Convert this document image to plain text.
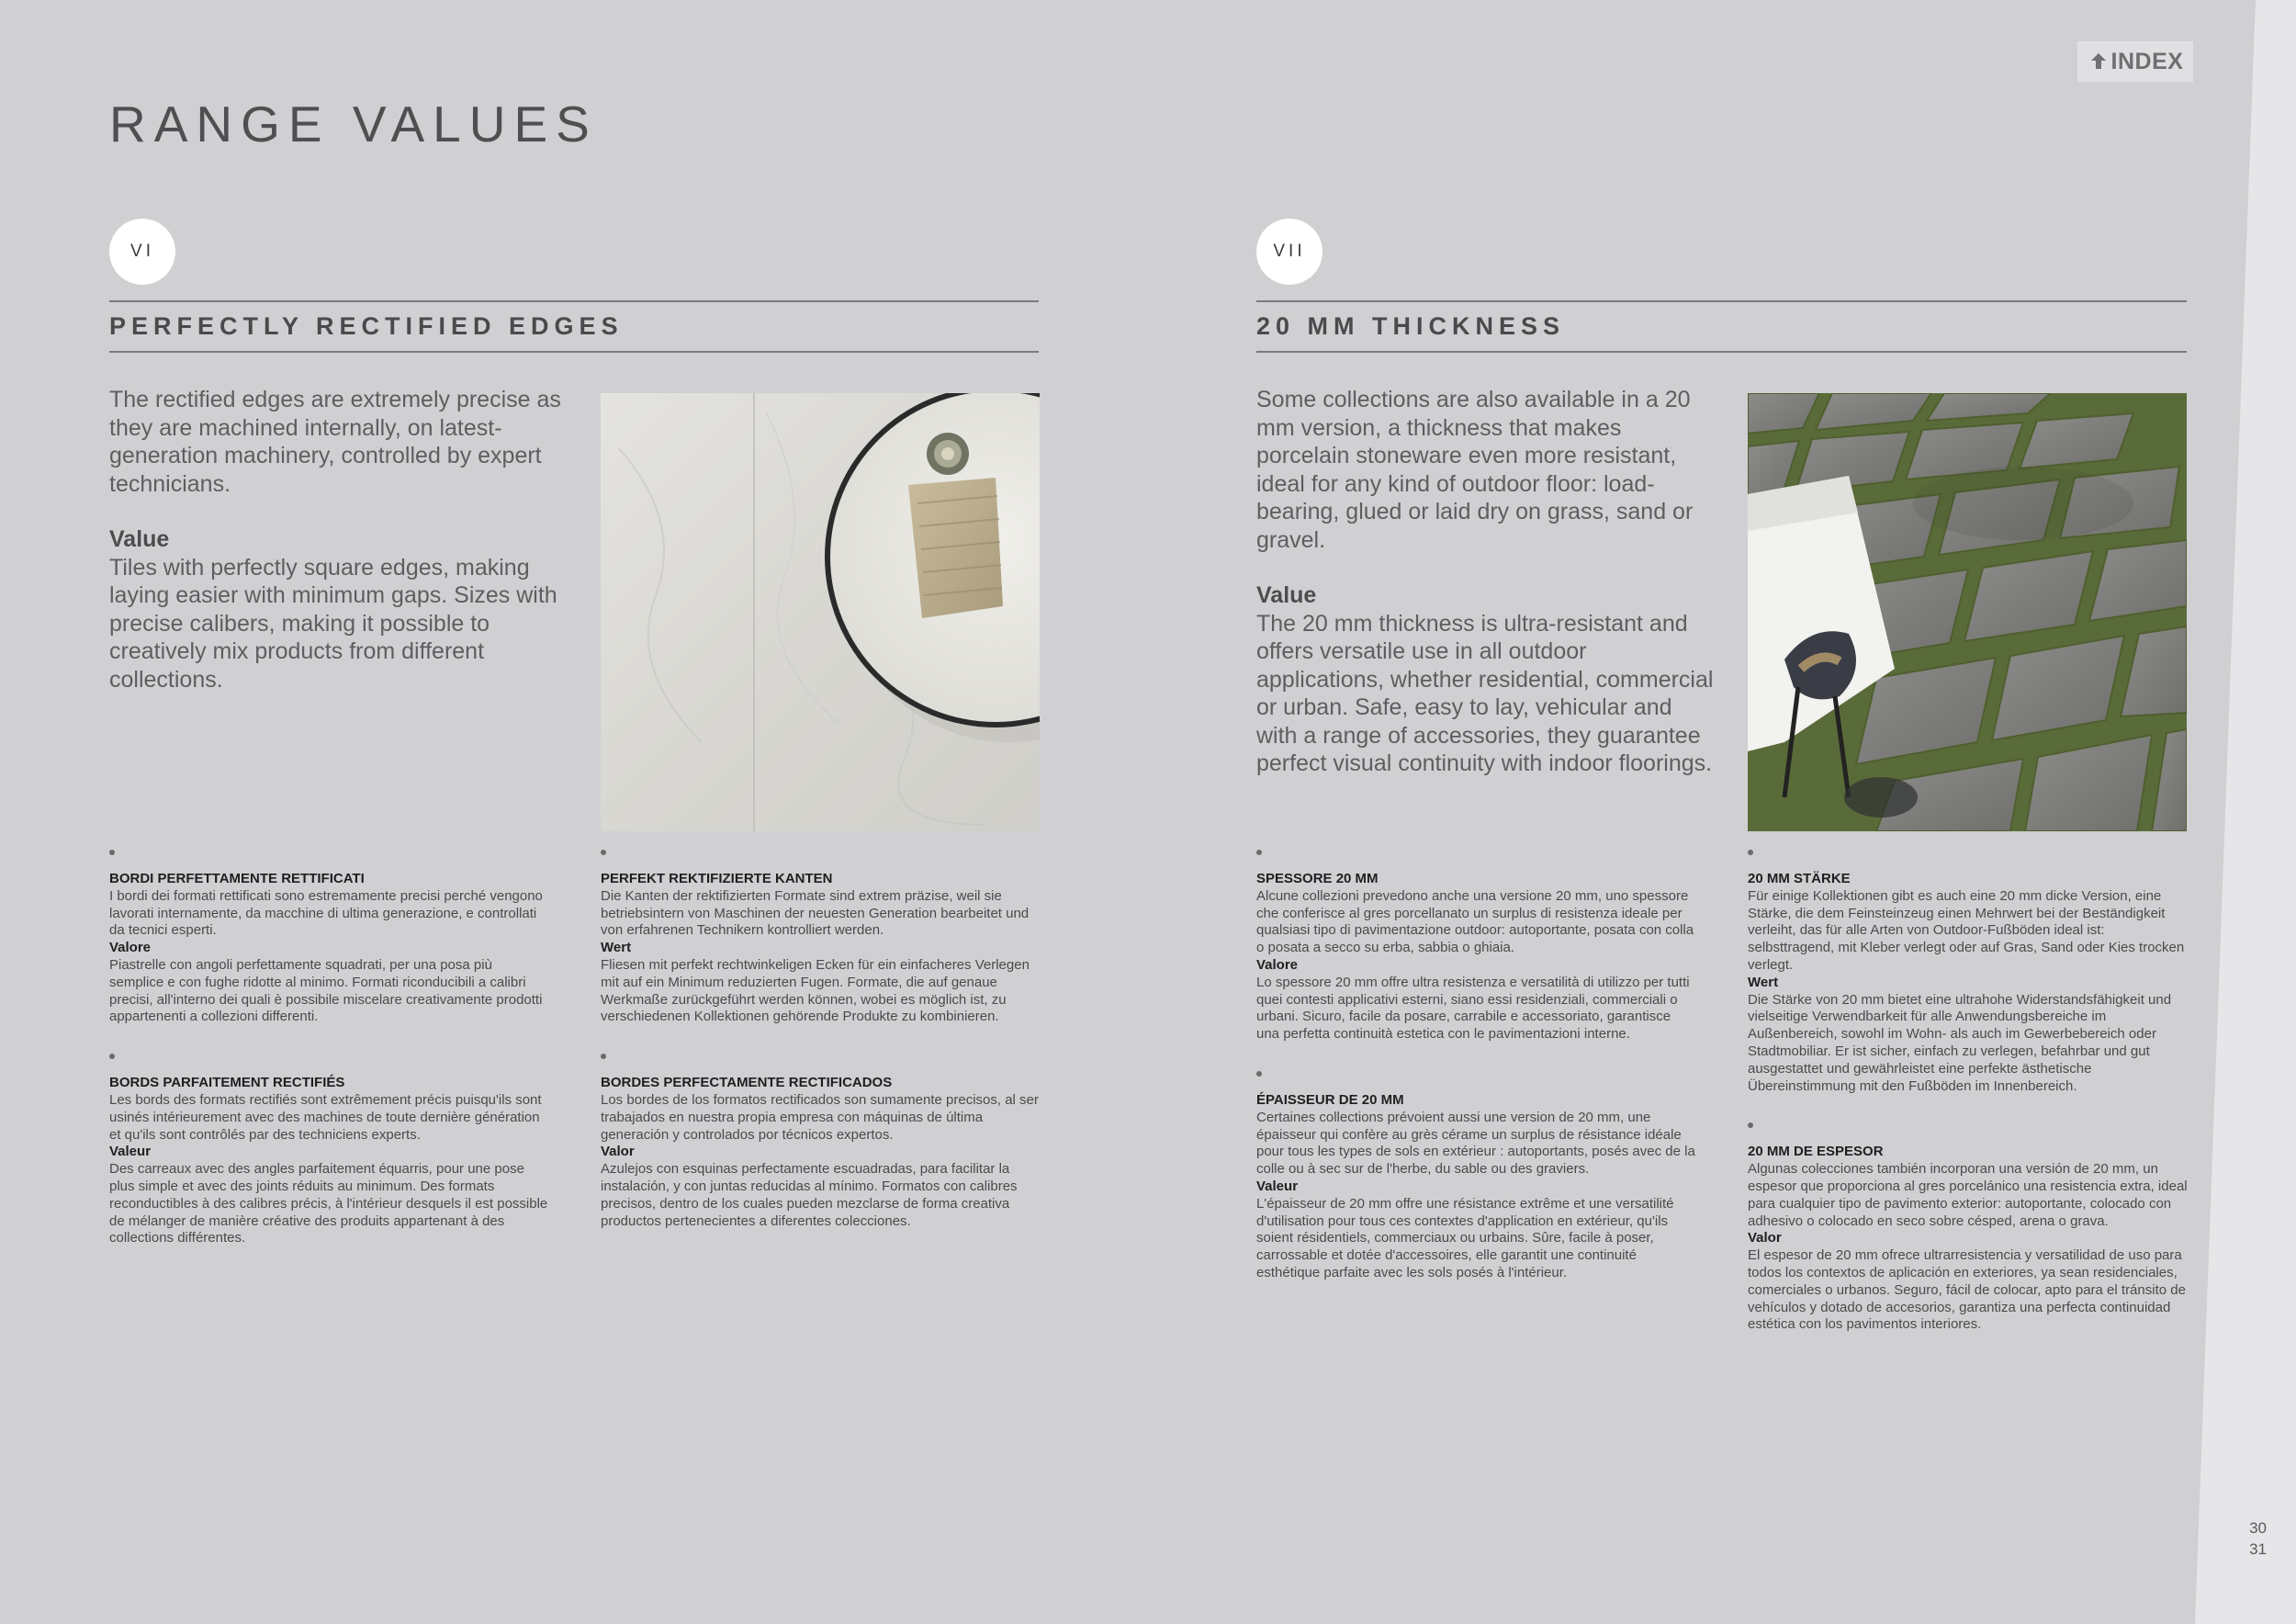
INDEX
RANGE VALUES
VI
PERFECTLY RECTIFIED EDGES

The rectified edges are extremely precise as they are machined internally, on latest-generation machinery, controlled by expert technicians.

Value

Tiles with perfectly square edges, making laying easier with minimum gaps. Sizes with precise calibers, making it possible to creatively mix products from different collections.

BORDI PERFETTAMENTE RETTIFICATI

I bordi dei formati rettificati sono estremamente precisi perché vengono lavorati internamente, da macchine di ultima generazione, e controllati da tecnici esperti.

Valore

Piastrelle con angoli perfettamente squadrati, per una posa più semplice e con fughe ridotte al minimo. Formati riconducibili a calibri precisi, all'interno dei quali è possibile miscelare creativamente prodotti appartenenti a collezioni differenti.

BORDS PARFAITEMENT RECTIFIÉS

Les bords des formats rectifiés sont extrêmement précis puisqu'ils sont usinés intérieurement avec des machines de toute dernière génération et qu'ils sont contrôlés par des techniciens experts.

Valeur

Des carreaux avec des angles parfaitement équarris, pour une pose plus simple et avec des joints réduits au minimum. Des formats reconductibles à des calibres précis, à l'intérieur desquels il est possible de mélanger de manière créative des produits appartenant à des collections différentes.

PERFEKT REKTIFIZIERTE KANTEN

Die Kanten der rektifizierten Formate sind extrem präzise, weil sie betriebsintern von Maschinen der neuesten Generation bearbeitet und von erfahrenen Technikern kontrolliert werden.

Wert

Fliesen mit perfekt rechtwinkeligen Ecken für ein einfacheres Verlegen mit auf ein Minimum reduzierten Fugen. Formate, die auf genaue Werkmaße zurückgeführt werden können, wobei es möglich ist, zu verschiedenen Kollektionen gehörende Produkte zu kombinieren.

BORDES PERFECTAMENTE RECTIFICADOS

Los bordes de los formatos rectificados son sumamente precisos, al ser trabajados en nuestra propia empresa con máquinas de última generación y controlados por técnicos expertos.

Valor

Azulejos con esquinas perfectamente escuadradas, para facilitar la instalación, y con juntas reducidas al mínimo. Formatos con calibres precisos, dentro de los cuales pueden mezclarse de forma creativa productos pertenecientes a diferentes colecciones.

VII
20 MM THICKNESS

Some collections are also available in a 20 mm version, a thickness that makes porcelain stoneware even more resistant, ideal for any kind of outdoor floor: load-bearing, glued or laid dry on grass, sand or gravel.

Value

The 20 mm thickness is ultra-resistant and offers versatile use in all outdoor applications, whether residential, commercial or urban. Safe, easy to lay, vehicular and with a range of accessories, they guarantee perfect visual continuity with indoor floorings.

SPESSORE 20 MM

Alcune collezioni prevedono anche una versione 20 mm, uno spessore che conferisce al gres porcellanato un surplus di resistenza ideale per qualsiasi tipo di pavimentazione outdoor: autoportante, posata con colla o posata a secco su erba, sabbia o ghiaia.

Valore

Lo spessore 20 mm offre ultra resistenza e versatilità di utilizzo per tutti quei contesti applicativi esterni, siano essi residenziali, commerciali o urbani. Sicuro, facile da posare, carrabile e accessoriato, garantisce una perfetta continuità estetica con le pavimentazioni interne.

ÉPAISSEUR DE 20 MM

Certaines collections prévoient aussi une version de 20 mm, une épaisseur qui confère au grès cérame un surplus de résistance idéale pour tous les types de sols en extérieur : autoportants, posés avec de la colle ou à sec sur de l'herbe, du sable ou des graviers.

Valeur

L'épaisseur de 20 mm offre une résistance extrême et une versatilité d'utilisation pour tous ces contextes d'application en extérieur, qu'ils soient résidentiels, commerciaux ou urbains. Sûre, facile à poser, carrossable et dotée d'accessoires, elle garantit une continuité esthétique parfaite avec les sols posés à l'intérieur.

20 MM STÄRKE

Für einige Kollektionen gibt es auch eine 20 mm dicke Version, eine Stärke, die dem Feinsteinzeug einen Mehrwert bei der Beständigkeit verleiht, das für alle Arten von Outdoor-Fußböden ideal ist: selbsttragend, mit Kleber verlegt oder auf Gras, Sand oder Kies trocken verlegt.

Wert

Die Stärke von 20 mm bietet eine ultrahohe Widerstandsfähigkeit und vielseitige Verwendbarkeit für alle Anwendungsbereiche im Außenbereich, sowohl im Wohn- als auch im Gewerbebereich oder Stadtmobiliar. Er ist sicher, einfach zu verlegen, befahrbar und gut ausgestattet und gewährleistet eine perfekte ästhetische Übereinstimmung mit den Fußböden im Innenbereich.

20 MM DE ESPESOR

Algunas colecciones también incorporan una versión de 20 mm, un espesor que proporciona al gres porcelánico una resistencia extra, ideal para cualquier tipo de pavimento exterior: autoportante, colocado con adhesivo o colocado en seco sobre césped, arena o grava.

Valor

El espesor de 20 mm ofrece ultrarresistencia y versatilidad de uso para todos los contextos de aplicación en exteriores, ya sean residenciales, comerciales o urbanos. Seguro, fácil de colocar, apto para el tránsito de vehículos y dotado de accesorios, garantiza una perfecta continuidad estética con los pavimentos interiores.

30
31
